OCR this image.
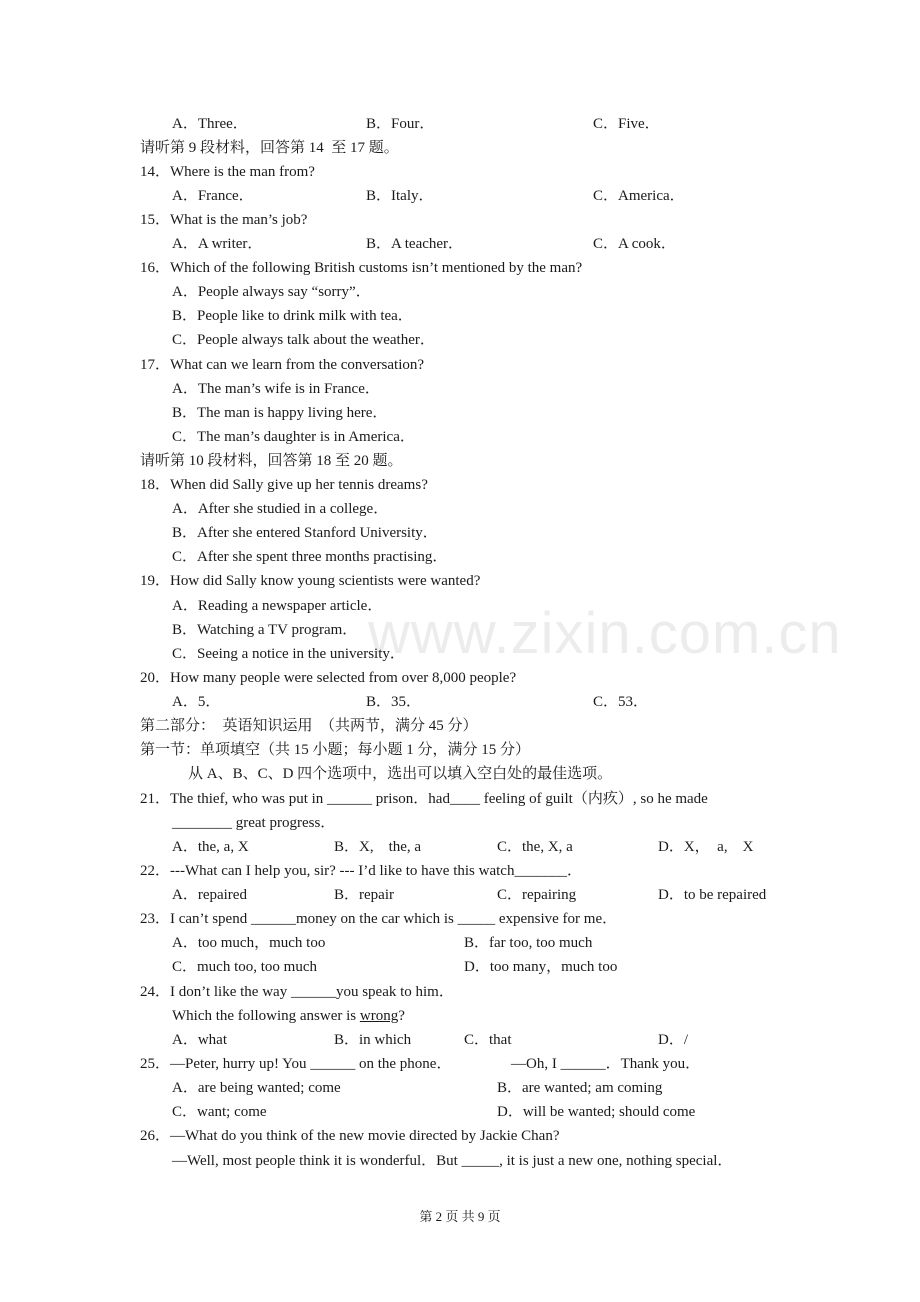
www.zixin.com.cn
A．Three．	B．Four．	C．Five．
请听第 9 段材料，回答第 14  至 17 题。
14．Where is the man from?
A．France．	B．Italy．	C．America．
15．What is the man’s job?
A．A writer．	B．A teacher．	C．A cook．
16．Which of the following British customs isn’t mentioned by the man?
A．People always say “sorry”．
B．People like to drink milk with tea．
C．People always talk about the weather．
17．What can we learn from the conversation?
A．The man’s wife is in France．
B．The man is happy living here．
C．The man’s daughter is in America．
请听第 10 段材料，回答第 18 至 20 题。
18．When did Sally give up her tennis dreams?
A．After she studied in a college．
B．After she entered Stanford University．
C．After she spent three months practising．
19．How did Sally know young scientists were wanted?
A．Reading a newspaper article．
B．Watching a TV program．
C．Seeing a notice in the university．
20．How many people were selected from over 8,000 people?
A．5．	B．35．	C．53．
第二部分：  英语知识运用  （共两节，满分 45 分）
第一节：单项填空（共 15 小题；每小题 1 分，满分 15 分）
从 A、B、C、D 四个选项中，选出可以填入空白处的最佳选项。
21．The thief, who was put in ______ prison．had____ feeling of guilt（内疚）, so he made
________ great progress．
A．the, a, X	B．X,    the, a	C．the, X, a	D．X，  a,    X
22．---What can I help you, sir? --- I’d like to have this watch_______．
A．repaired	B．repair	C．repairing	D．to be repaired
23．I can’t spend ______money on the car which is _____ expensive for me．
A．too much，much too	B．far too, too much
C．much too, too much	D．too many，much too
24．I don’t like the way ______you speak to him．
Which the following answer is wrong?
A．what	B．in which	C．that	D．/
25．—Peter, hurry up! You ______ on the phone．	—Oh, I ______．Thank you．
A．are being wanted; come	B．are wanted; am coming
C．want; come	D．will be wanted; should come
26．—What do you think of the new movie directed by Jackie Chan?
—Well, most people think it is wonderful．But _____, it is just a new one, nothing special．
第 2 页 共 9 页
